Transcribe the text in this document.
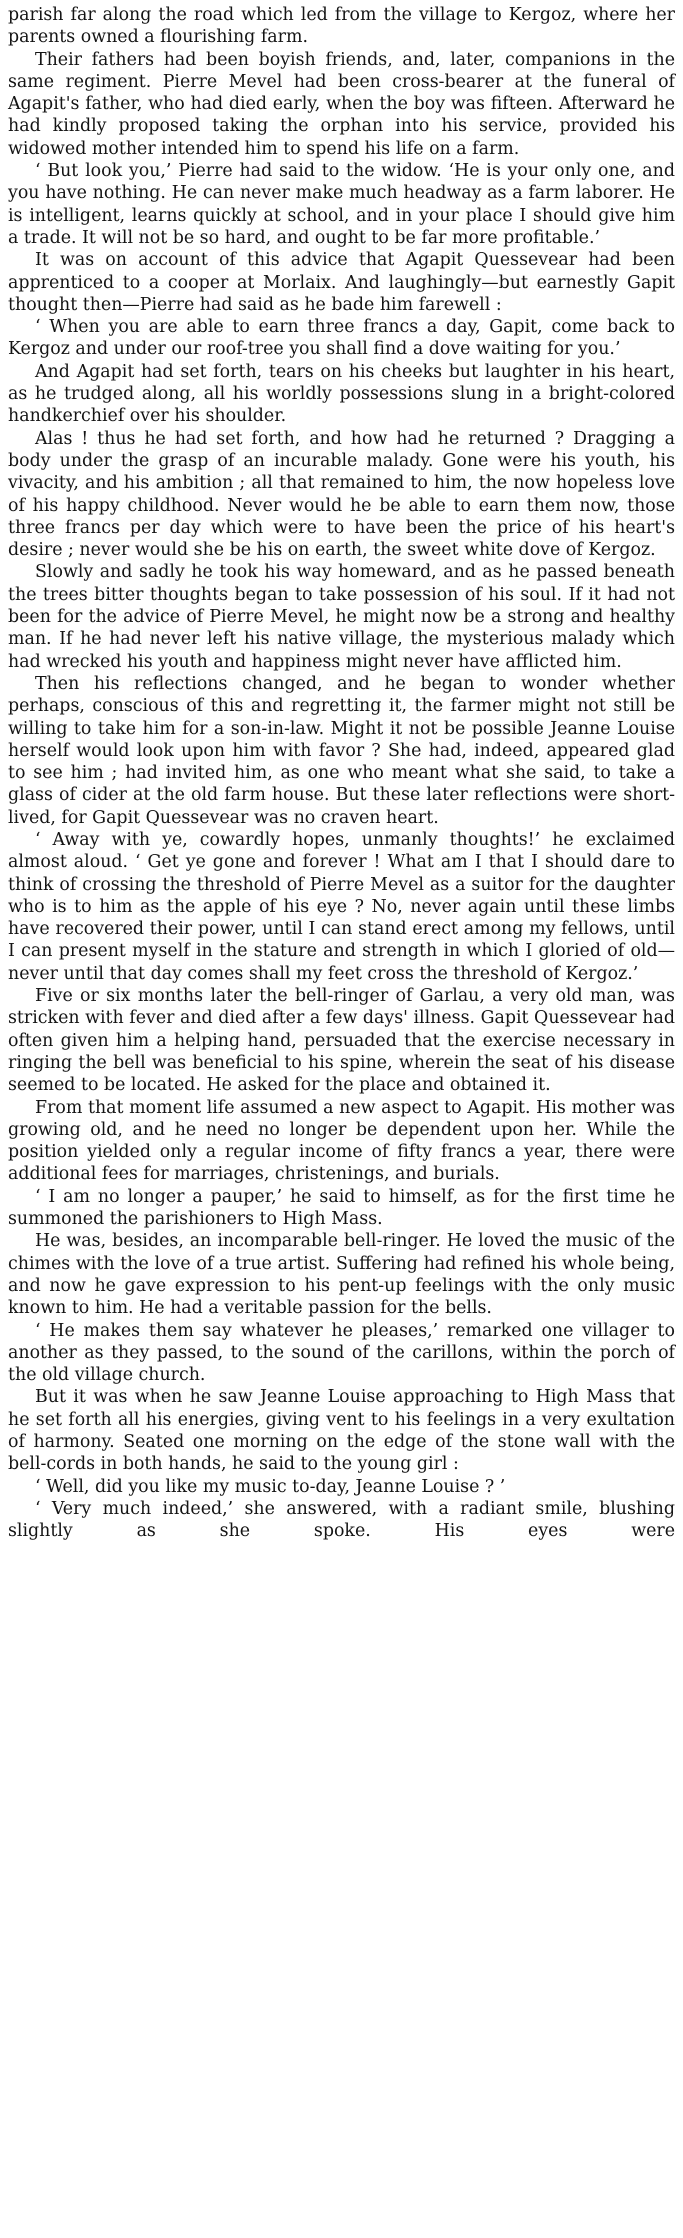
parish far along the road which led from the village to Kergoz, where her parents owned a flourishing farm.

Their fathers had been boyish friends, and, later, companions in the same regiment. Pierre Mevel had been cross-bearer at the funeral of Agapit's father, who had died early, when the boy was fifteen. Afterward he had kindly proposed taking the orphan into his service, provided his widowed mother intended him to spend his life on a farm.

‘ But look you,’ Pierre had said to the widow. ‘He is your only one, and you have nothing. He can never make much headway as a farm laborer. He is intelligent, learns quickly at school, and in your place I should give him a trade. It will not be so hard, and ought to be far more profitable.’

It was on account of this advice that Agapit Quessevear had been apprenticed to a cooper at Morlaix. And laughingly—but earnestly Gapit thought then—Pierre had said as he bade him farewell :

‘ When you are able to earn three francs a day, Gapit, come back to Kergoz and under our roof-tree you shall find a dove waiting for you.’

And Agapit had set forth, tears on his cheeks but laughter in his heart, as he trudged along, all his worldly possessions slung in a bright-colored handkerchief over his shoulder.

Alas ! thus he had set forth, and how had he returned ? Dragging a body under the grasp of an incurable malady. Gone were his youth, his vivacity, and his ambition ; all that remained to him, the now hopeless love of his happy childhood. Never would he be able to earn them now, those three francs per day which were to have been the price of his heart's desire ; never would she be his on earth, the sweet white dove of Kergoz.

Slowly and sadly he took his way homeward, and as he passed beneath the trees bitter thoughts began to take possession of his soul. If it had not been for the advice of Pierre Mevel, he might now be a strong and healthy man. If he had never left his native village, the mysterious malady which had wrecked his youth and happiness might never have afflicted him.

Then his reflections changed, and he began to wonder whether perhaps, conscious of this and regretting it, the farmer might not still be willing to take him for a son-in-law. Might it not be possible Jeanne Louise herself would look upon him with favor ? She had, indeed, appeared glad to see him ; had invited him, as one who meant what she said, to take a glass of cider at the old farm house. But these later reflections were short-lived, for Gapit Quessevear was no craven heart.

‘ Away with ye, cowardly hopes, unmanly thoughts!’ he exclaimed almost aloud. ‘ Get ye gone and forever ! What am I that I should dare to think of crossing the threshold of Pierre Mevel as a suitor for the daughter who is to him as the apple of his eye ? No, never again until these limbs have recovered their power, until I can stand erect among my fellows, until I can present myself in the stature and strength in which I gloried of old—never until that day comes shall my feet cross the threshold of Kergoz.’

Five or six months later the bell-ringer of Garlau, a very old man, was stricken with fever and died after a few days' illness. Gapit Quessevear had often given him a helping hand, persuaded that the exercise necessary in ringing the bell was beneficial to his spine, wherein the seat of his disease seemed to be located. He asked for the place and obtained it.

From that moment life assumed a new aspect to Agapit. His mother was growing old, and he need no longer be dependent upon her. While the position yielded only a regular income of fifty francs a year, there were additional fees for marriages, christenings, and burials.

‘ I am no longer a pauper,’ he said to himself, as for the first time he summoned the parishioners to High Mass.

He was, besides, an incomparable bell-ringer. He loved the music of the chimes with the love of a true artist. Suffering had refined his whole being, and now he gave expression to his pent-up feelings with the only music known to him. He had a veritable passion for the bells.

‘ He makes them say whatever he pleases,’ remarked one villager to another as they passed, to the sound of the carillons, within the porch of the old village church.

But it was when he saw Jeanne Louise approaching to High Mass that he set forth all his energies, giving vent to his feelings in a very exultation of harmony. Seated one morning on the edge of the stone wall with the bell-cords in both hands, he said to the young girl :

‘ Well, did you like my music to-day, Jeanne Louise ? ’

‘ Very much indeed,’ she answered, with a radiant smile, blushing slightly as she spoke. His eyes were
